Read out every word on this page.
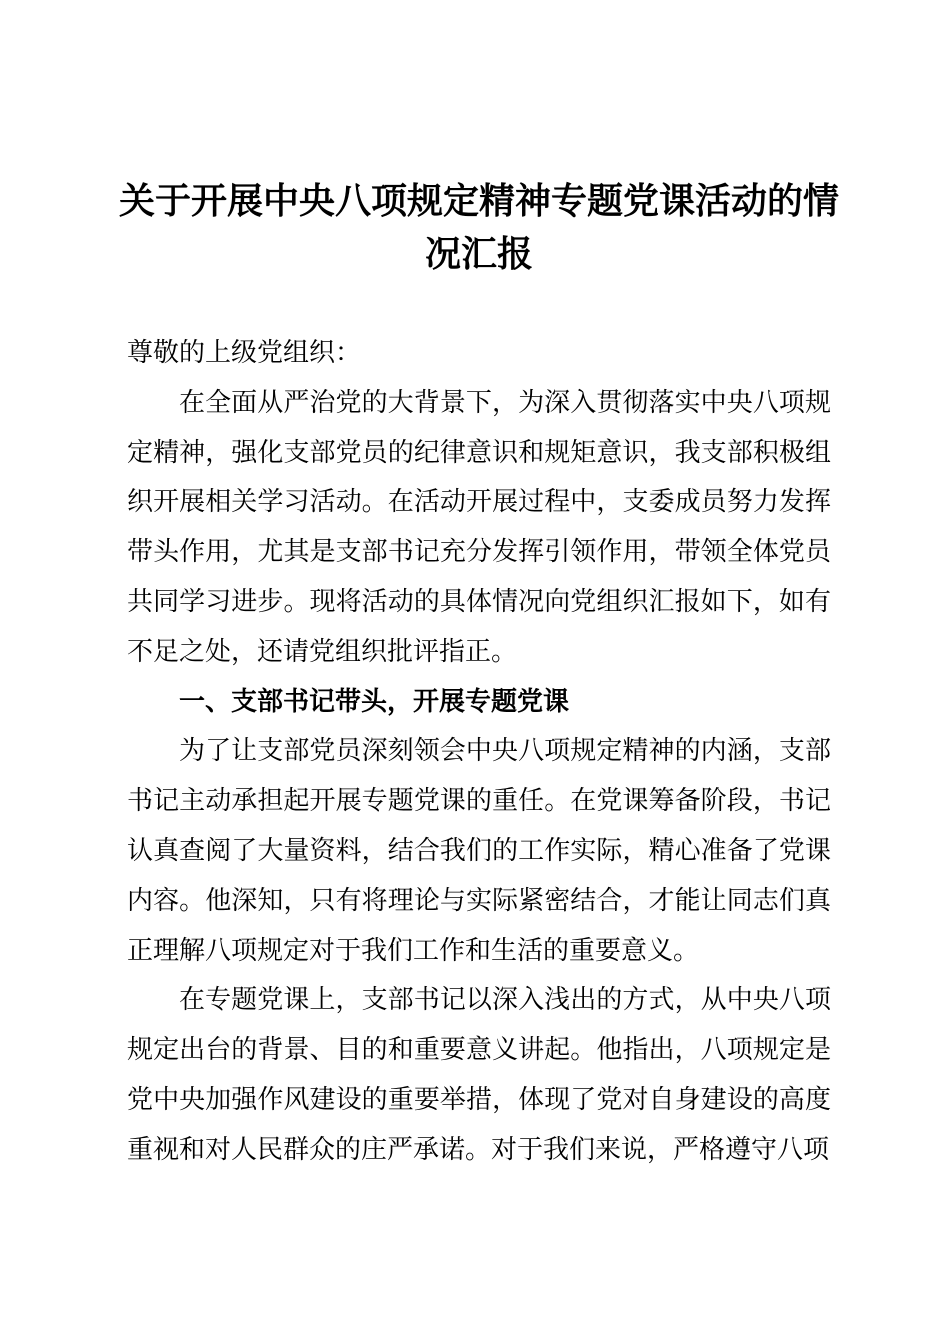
关于开展中央八项规定精神专题党课活动的情况汇报

尊敬的上级党组织：

在全面从严治党的大背景下，为深入贯彻落实中央八项规定精神，强化支部党员的纪律意识和规矩意识，我支部积极组织开展相关学习活动。在活动开展过程中，支委成员努力发挥带头作用，尤其是支部书记充分发挥引领作用，带领全体党员共同学习进步。现将活动的具体情况向党组织汇报如下，如有不足之处，还请党组织批评指正。

一、支部书记带头，开展专题党课

为了让支部党员深刻领会中央八项规定精神的内涵，支部书记主动承担起开展专题党课的重任。在党课筹备阶段，书记认真查阅了大量资料，结合我们的工作实际，精心准备了党课内容。他深知，只有将理论与实际紧密结合，才能让同志们真正理解八项规定对于我们工作和生活的重要意义。

在专题党课上，支部书记以深入浅出的方式，从中央八项规定出台的背景、目的和重要意义讲起。他指出，八项规定是党中央加强作风建设的重要举措，体现了党对自身建设的高度重视和对人民群众的庄严承诺。对于我们来说，严格遵守八项
